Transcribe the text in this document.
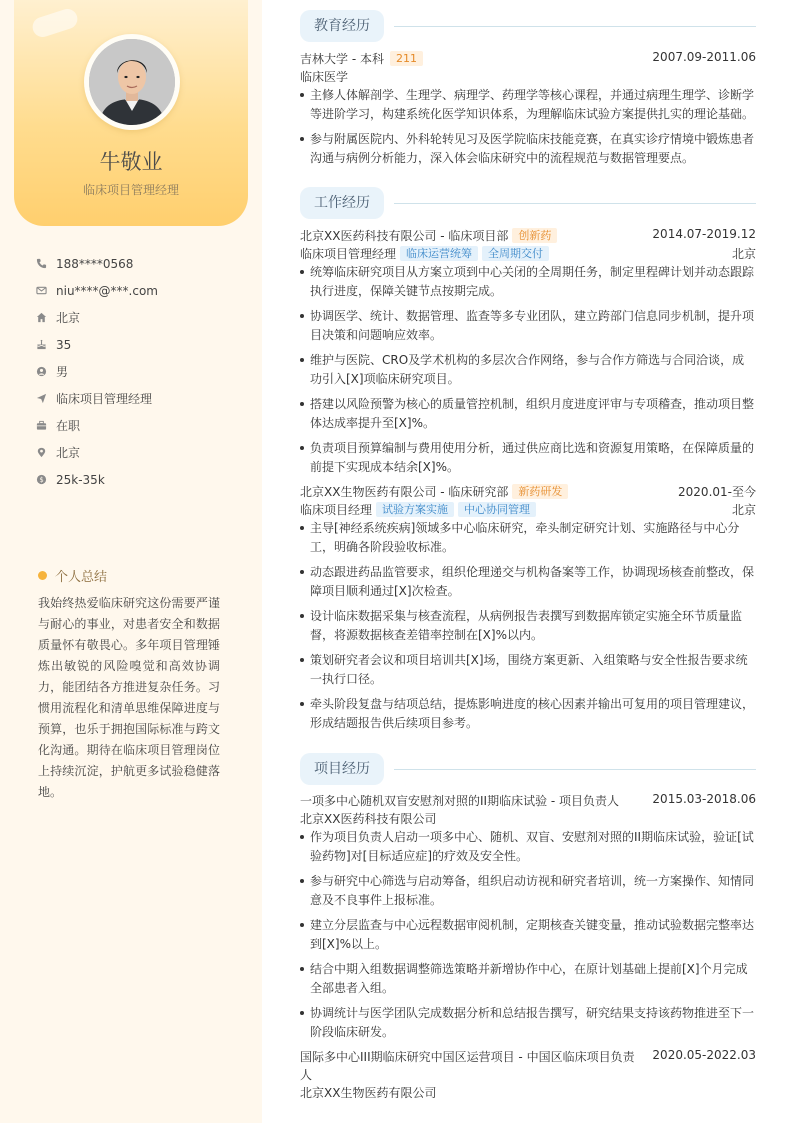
牛敬业
临床项目管理经理
188****0568
niu****@***.com
北京
35
男
临床项目管理经理
在职
北京
$ 25k-35k
个人总结
我始终热爱临床研究这份需要严谨与耐心的事业，对患者安全和数据质量怀有敬畏心。多年项目管理锤炼出敏锐的风险嗅觉和高效协调力，能团结各方推进复杂任务。习惯用流程化和清单思维保障进度与预算，也乐于拥抱国际标准与跨文化沟通。期待在临床项目管理岗位上持续沉淀，护航更多试验稳健落地。
教育经历
吉林大学 - 本科	211	2007.09-2011.06
临床医学
主修人体解剖学、生理学、病理学、药理学等核心课程，并通过病理生理学、诊断学等进阶学习，构建系统化医学知识体系，为理解临床试验方案提供扎实的理论基础。
参与附属医院内、外科轮转见习及医学院临床技能竞赛，在真实诊疗情境中锻炼患者沟通与病例分析能力，深入体会临床研究中的流程规范与数据管理要点。
工作经历
北京XX医药科技有限公司 - 临床项目部 创新药	2014.07-2019.12
临床项目管理经理 临床运营统筹	全周期交付	北京
统筹临床研究项目从方案立项到中心关闭的全周期任务，制定里程碑计划并动态跟踪执行进度，保障关键节点按期完成。
协调医学、统计、数据管理、监查等多专业团队，建立跨部门信息同步机制，提升项目决策和问题响应效率。
维护与医院、CRO及学术机构的多层次合作网络，参与合作方筛选与合同洽谈，成功引入[X]项临床研究项目。
搭建以风险预警为核心的质量管控机制，组织月度进度评审与专项稽查，推动项目整体达成率提升至[X]%。
负责项目预算编制与费用使用分析，通过供应商比选和资源复用策略，在保障质量的前提下实现成本结余[X]%。
北京XX生物医药有限公司 - 临床研究部 新药研发	2020.01-至今
临床项目经理 试验方案实施	中心协同管理	北京
主导[神经系统疾病]领域多中心临床研究，牵头制定研究计划、实施路径与中心分工，明确各阶段验收标准。
动态跟进药品监管要求，组织伦理递交与机构备案等工作，协调现场核查前整改，保障项目顺利通过[X]次检查。
设计临床数据采集与核查流程，从病例报告表撰写到数据库锁定实施全环节质量监督，将源数据核查差错率控制在[X]%以内。
策划研究者会议和项目培训共[X]场，围绕方案更新、入组策略与安全性报告要求统一执行口径。
牵头阶段复盘与结项总结，提炼影响进度的核心因素并输出可复用的项目管理建议，形成结题报告供后续项目参考。
项目经历
一项多中心随机双盲安慰剂对照的II期临床试验 - 项目负责人	2015.03-2018.06
北京XX医药科技有限公司
作为项目负责人启动一项多中心、随机、双盲、安慰剂对照的II期临床试验，验证[试验药物]对[目标适应症]的疗效及安全性。
参与研究中心筛选与启动筹备，组织启动访视和研究者培训，统一方案操作、知情同意及不良事件上报标准。
建立分层监查与中心远程数据审阅机制，定期核查关键变量，推动试验数据完整率达到[X]%以上。
结合中期入组数据调整筛选策略并新增协作中心，在原计划基础上提前[X]个月完成全部患者入组。
协调统计与医学团队完成数据分析和总结报告撰写，研究结果支持该药物推进至下一阶段临床研发。
国际多中心III期临床研究中国区运营项目 - 中国区临床项目负责 2020.05-2022.03
人
北京XX生物医药有限公司
